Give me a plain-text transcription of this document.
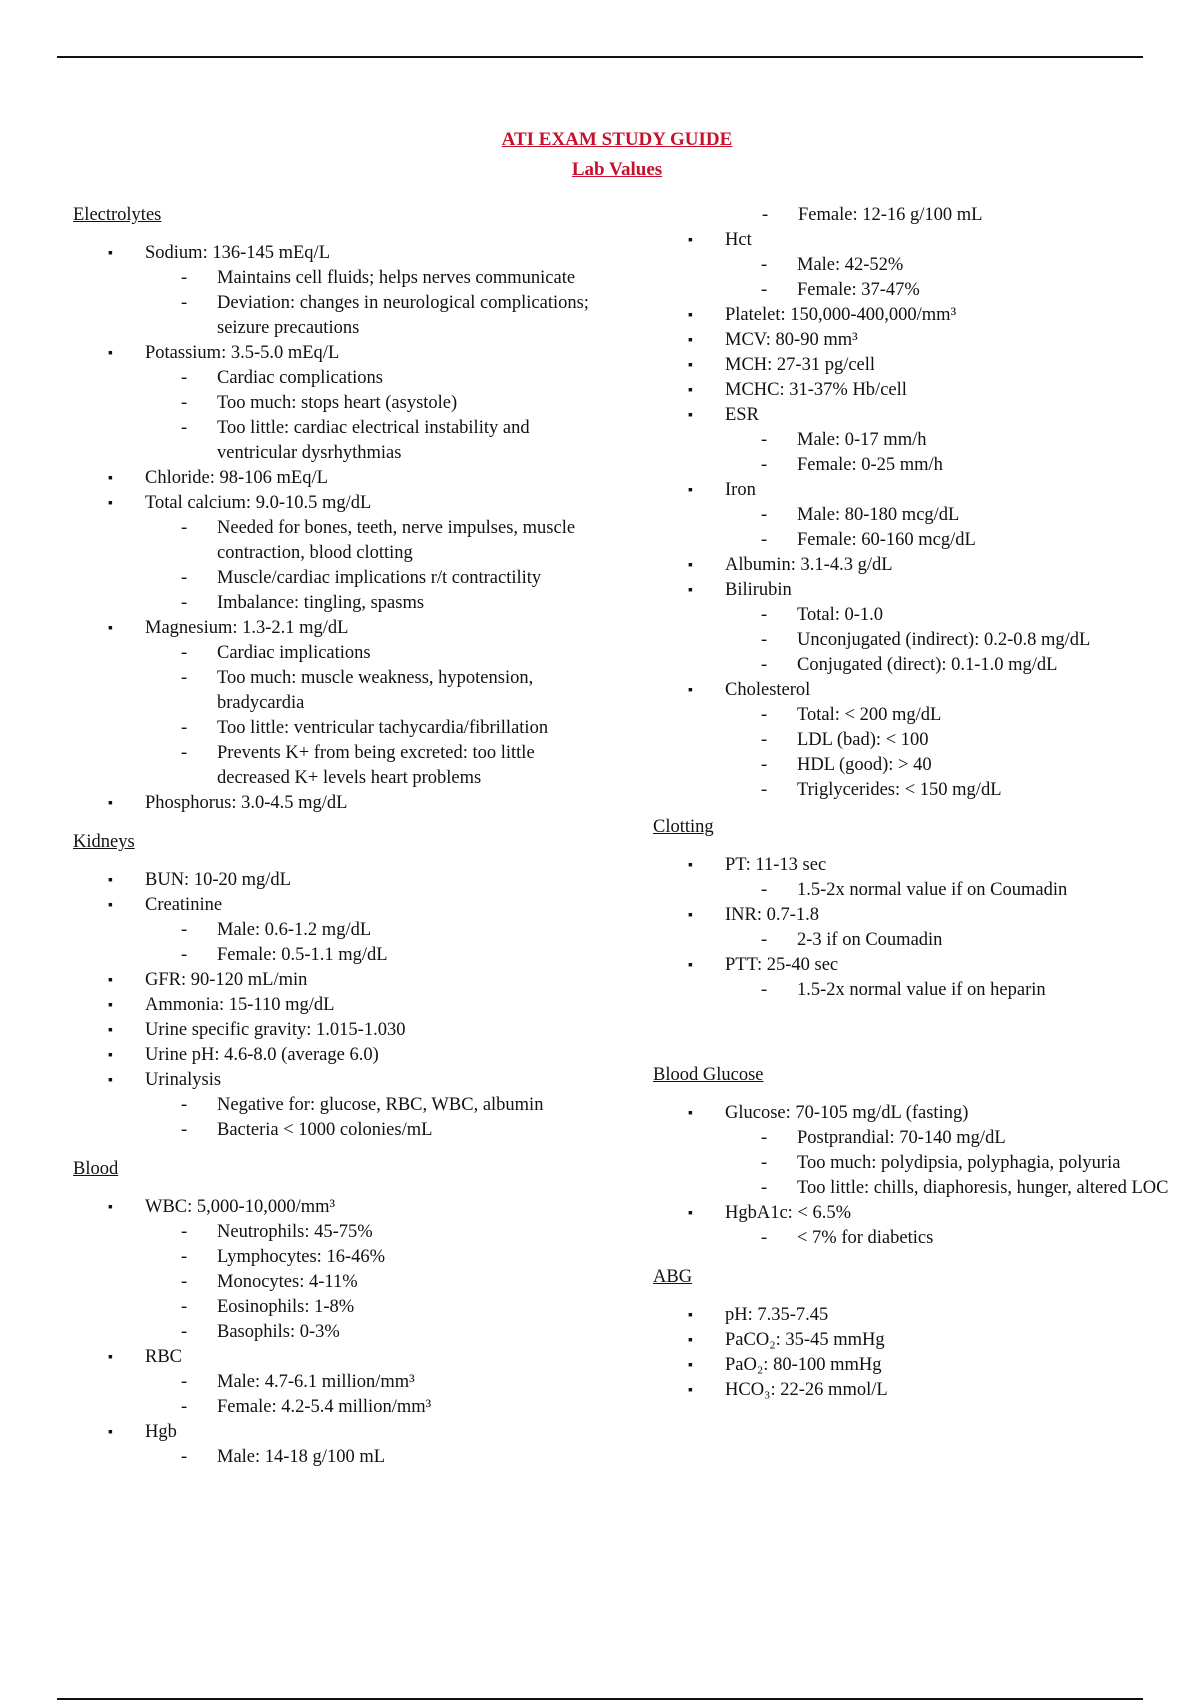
ATI EXAM STUDY GUIDE
Lab Values
Electrolytes
▪ Sodium: 136-145 mEq/L
- Maintains cell fluids; helps nerves communicate
- Deviation: changes in neurological complications; seizure precautions
▪ Potassium: 3.5-5.0 mEq/L
- Cardiac complications
- Too much: stops heart (asystole)
- Too little: cardiac electrical instability and ventricular dysrhythmias
▪ Chloride: 98-106 mEq/L
▪ Total calcium: 9.0-10.5 mg/dL
- Needed for bones, teeth, nerve impulses, muscle contraction, blood clotting
- Muscle/cardiac implications r/t contractility
- Imbalance: tingling, spasms
▪ Magnesium: 1.3-2.1 mg/dL
- Cardiac implications
- Too much: muscle weakness, hypotension, bradycardia
- Too little: ventricular tachycardia/fibrillation
- Prevents K+ from being excreted: too little decreased K+ levels heart problems
▪ Phosphorus: 3.0-4.5 mg/dL
Kidneys
▪ BUN: 10-20 mg/dL
▪ Creatinine
- Male: 0.6-1.2 mg/dL
- Female: 0.5-1.1 mg/dL
▪ GFR: 90-120 mL/min
▪ Ammonia: 15-110 mg/dL
▪ Urine specific gravity: 1.015-1.030
▪ Urine pH: 4.6-8.0 (average 6.0)
▪ Urinalysis
- Negative for: glucose, RBC, WBC, albumin
- Bacteria < 1000 colonies/mL
Blood
▪ WBC: 5,000-10,000/mm³
- Neutrophils: 45-75%
- Lymphocytes: 16-46%
- Monocytes: 4-11%
- Eosinophils: 1-8%
- Basophils: 0-3%
▪ RBC
- Male: 4.7-6.1 million/mm³
- Female: 4.2-5.4 million/mm³
▪ Hgb
- Male: 14-18 g/100 mL
- Female: 12-16 g/100 mL
▪ Hct
- Male: 42-52%
- Female: 37-47%
▪ Platelet: 150,000-400,000/mm³
▪ MCV: 80-90 mm³
▪ MCH: 27-31 pg/cell
▪ MCHC: 31-37% Hb/cell
▪ ESR
- Male: 0-17 mm/h
- Female: 0-25 mm/h
▪ Iron
- Male: 80-180 mcg/dL
- Female: 60-160 mcg/dL
▪ Albumin: 3.1-4.3 g/dL
▪ Bilirubin
- Total: 0-1.0
- Unconjugated (indirect): 0.2-0.8 mg/dL
- Conjugated (direct): 0.1-1.0 mg/dL
▪ Cholesterol
- Total: < 200 mg/dL
- LDL (bad): < 100
- HDL (good): > 40
- Triglycerides: < 150 mg/dL
Clotting
▪ PT: 11-13 sec
- 1.5-2x normal value if on Coumadin
▪ INR: 0.7-1.8
- 2-3 if on Coumadin
▪ PTT: 25-40 sec
- 1.5-2x normal value if on heparin
Blood Glucose
▪ Glucose: 70-105 mg/dL (fasting)
- Postprandial: 70-140 mg/dL
- Too much: polydipsia, polyphagia, polyuria
- Too little: chills, diaphoresis, hunger, altered LOC
▪ HgbA1c: < 6.5%
- < 7% for diabetics
ABG
▪ pH: 7.35-7.45
▪ PaCO₂: 35-45 mmHg
▪ PaO₂: 80-100 mmHg
▪ HCO₃: 22-26 mmol/L
